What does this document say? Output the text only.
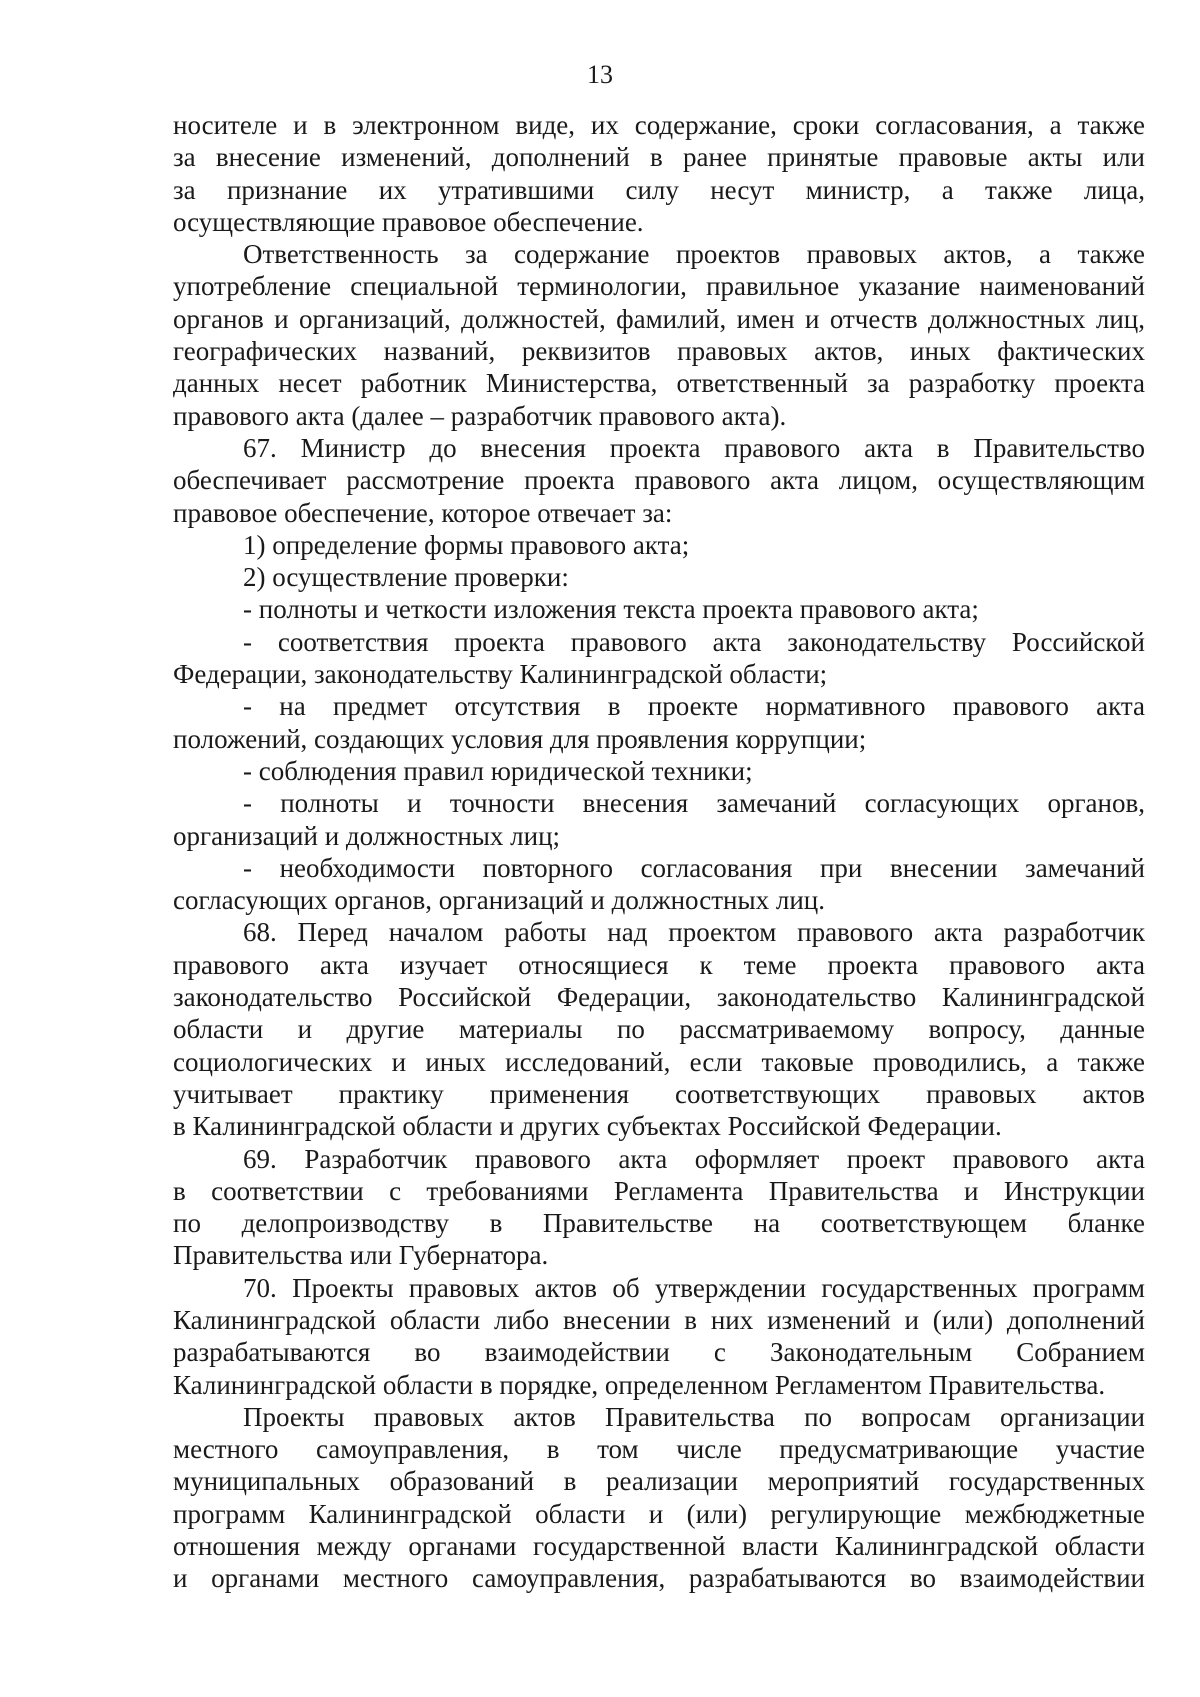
13
носителе и в электронном виде, их содержание, сроки согласования, а также
за внесение изменений, дополнений в ранее принятые правовые акты или
за признание их утратившими силу несут министр, а также лица,
осуществляющие правовое обеспечение.
Ответственность за содержание проектов правовых актов, а также
употребление специальной терминологии, правильное указание наименований
органов и организаций, должностей, фамилий, имен и отчеств должностных лиц,
географических названий, реквизитов правовых актов, иных фактических
данных несет работник Министерства, ответственный за разработку проекта
правового акта (далее – разработчик правового акта).
67. Министр до внесения проекта правового акта в Правительство
обеспечивает рассмотрение проекта правового акта лицом, осуществляющим
правовое обеспечение, которое отвечает за:
1) определение формы правового акта;
2) осуществление проверки:
- полноты и четкости изложения текста проекта правового акта;
- соответствия проекта правового акта законодательству Российской
Федерации, законодательству Калининградской области;
- на предмет отсутствия в проекте нормативного правового акта
положений, создающих условия для проявления коррупции;
- соблюдения правил юридической техники;
- полноты и точности внесения замечаний согласующих органов,
организаций и должностных лиц;
- необходимости повторного согласования при внесении замечаний
согласующих органов, организаций и должностных лиц.
68. Перед началом работы над проектом правового акта разработчик
правового акта изучает относящиеся к теме проекта правового акта
законодательство Российской Федерации, законодательство Калининградской
области и другие материалы по рассматриваемому вопросу, данные
социологических и иных исследований, если таковые проводились, а также
учитывает практику применения соответствующих правовых актов
в Калининградской области и других субъектах Российской Федерации.
69. Разработчик правового акта оформляет проект правового акта
в соответствии с требованиями Регламента Правительства и Инструкции
по делопроизводству в Правительстве на соответствующем бланке
Правительства или Губернатора.
70. Проекты правовых актов об утверждении государственных программ
Калининградской области либо внесении в них изменений и (или) дополнений
разрабатываются во взаимодействии с Законодательным Собранием
Калининградской области в порядке, определенном Регламентом Правительства.
Проекты правовых актов Правительства по вопросам организации
местного самоуправления, в том числе предусматривающие участие
муниципальных образований в реализации мероприятий государственных
программ Калининградской области и (или) регулирующие межбюджетные
отношения между органами государственной власти Калининградской области
и органами местного самоуправления, разрабатываются во взаимодействии
